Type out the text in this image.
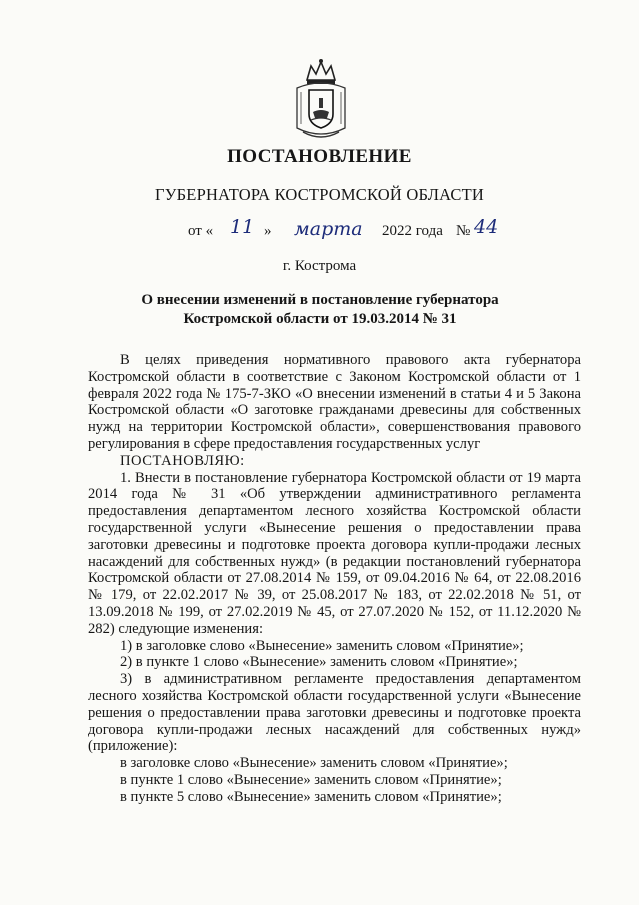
ПОСТАНОВЛЕНИЕ
ГУБЕРНАТОРА КОСТРОМСКОЙ ОБЛАСТИ
от « 11 » марта 2022 года № 44
г. Кострома
О внесении изменений в постановление губернатора
Костромской области от 19.03.2014 № 31

В целях приведения нормативного правового акта губернатора Костромской области в соответствие с Законом Костромской области от 1 февраля 2022 года № 175-7-ЗКО «О внесении изменений в статьи 4 и 5 Закона Костромской области «О заготовке гражданами древесины для собственных нужд на территории Костромской области», совершенствования правового регулирования в сфере предоставления государственных услуг

ПОСТАНОВЛЯЮ:

1. Внести в постановление губернатора Костромской области от 19 марта 2014 года № 31 «Об утверждении административного регламента предоставления департаментом лесного хозяйства Костромской области государственной услуги «Вынесение решения о предоставлении права заготовки древесины и подготовке проекта договора купли-продажи лесных насаждений для собственных нужд» (в редакции постановлений губернатора Костромской области от 27.08.2014 № 159, от 09.04.2016 № 64, от 22.08.2016 № 179, от 22.02.2017 № 39, от 25.08.2017 № 183, от 22.02.2018 № 51, от 13.09.2018 № 199, от 27.02.2019 № 45, от 27.07.2020 № 152, от 11.12.2020 № 282) следующие изменения:

1) в заголовке слово «Вынесение» заменить словом «Принятие»;

2) в пункте 1 слово «Вынесение» заменить словом «Принятие»;

3) в административном регламенте предоставления департаментом лесного хозяйства Костромской области государственной услуги «Вынесение решения о предоставлении права заготовки древесины и подготовке проекта договора купли-продажи лесных насаждений для собственных нужд» (приложение):

в заголовке слово «Вынесение» заменить словом «Принятие»;

в пункте 1 слово «Вынесение» заменить словом «Принятие»;

в пункте 5 слово «Вынесение» заменить словом «Принятие»;
